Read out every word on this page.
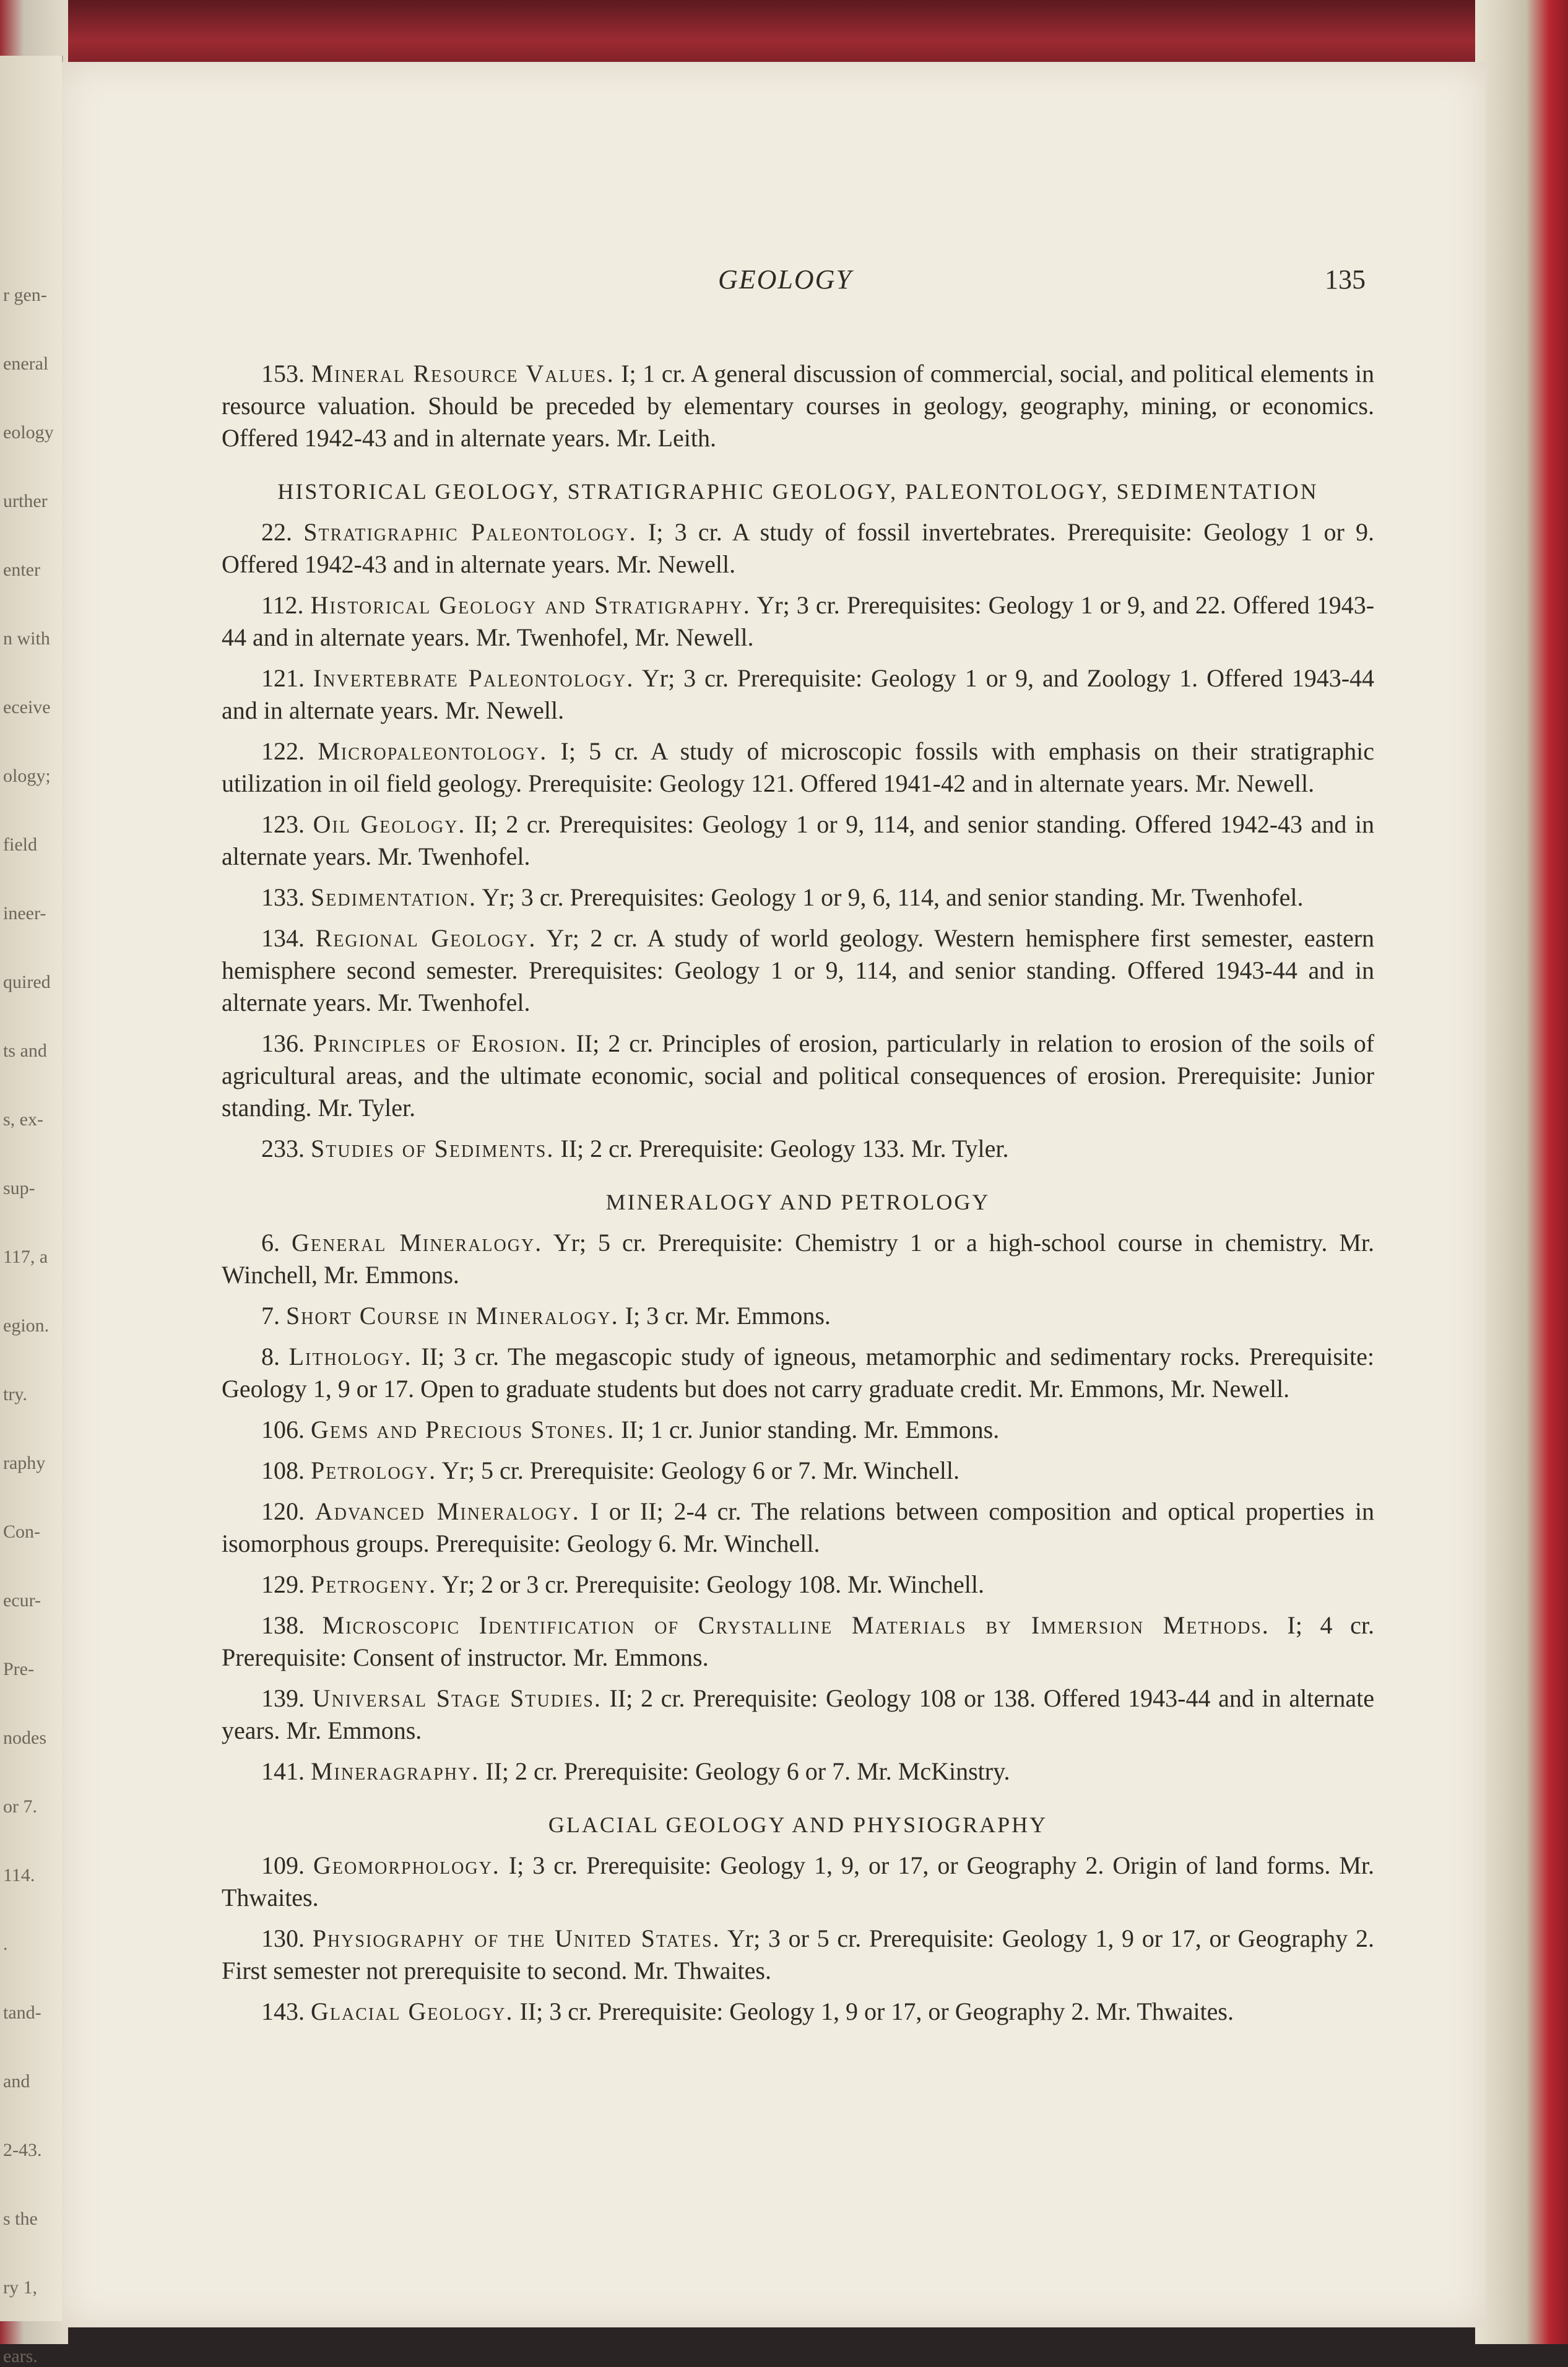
r gen-
eneral
eology
urther
enter
n with
eceive
ology;
field
ineer-
quired
ts and
s, ex-
sup-
117, a
egion.
try.
raphy
Con-
ecur-
Pre-
nodes
or 7.
114.
.
tand-
and
2-43.
s the
ry 1,
ears.
GEOLOGY	135

153. Mineral Resource Values. I; 1 cr. A general discussion of commercial, social, and political elements in resource valuation. Should be preceded by elementary courses in geology, geography, mining, or economics. Offered 1942-43 and in alternate years. Mr. Leith.

HISTORICAL GEOLOGY, STRATIGRAPHIC GEOLOGY, PALEONTOLOGY, SEDIMENTATION

22. Stratigraphic Paleontology. I; 3 cr. A study of fossil invertebrates. Prerequisite: Geology 1 or 9. Offered 1942-43 and in alternate years. Mr. Newell.

112. Historical Geology and Stratigraphy. Yr; 3 cr. Prerequisites: Geology 1 or 9, and 22. Offered 1943-44 and in alternate years. Mr. Twenhofel, Mr. Newell.

121. Invertebrate Paleontology. Yr; 3 cr. Prerequisite: Geology 1 or 9, and Zoology 1. Offered 1943-44 and in alternate years. Mr. Newell.

122. Micropaleontology. I; 5 cr. A study of microscopic fossils with emphasis on their stratigraphic utilization in oil field geology. Prerequisite: Geology 121. Offered 1941-42 and in alternate years. Mr. Newell.

123. Oil Geology. II; 2 cr. Prerequisites: Geology 1 or 9, 114, and senior standing. Offered 1942-43 and in alternate years. Mr. Twenhofel.

133. Sedimentation. Yr; 3 cr. Prerequisites: Geology 1 or 9, 6, 114, and senior standing. Mr. Twenhofel.

134. Regional Geology. Yr; 2 cr. A study of world geology. Western hemisphere first semester, eastern hemisphere second semester. Prerequisites: Geology 1 or 9, 114, and senior standing. Offered 1943-44 and in alternate years. Mr. Twenhofel.

136. Principles of Erosion. II; 2 cr. Principles of erosion, particularly in relation to erosion of the soils of agricultural areas, and the ultimate economic, social and political consequences of erosion. Prerequisite: Junior standing. Mr. Tyler.

233. Studies of Sediments. II; 2 cr. Prerequisite: Geology 133. Mr. Tyler.

MINERALOGY AND PETROLOGY

6. General Mineralogy. Yr; 5 cr. Prerequisite: Chemistry 1 or a high-school course in chemistry. Mr. Winchell, Mr. Emmons.

7. Short Course in Mineralogy. I; 3 cr. Mr. Emmons.

8. Lithology. II; 3 cr. The megascopic study of igneous, metamorphic and sedimentary rocks. Prerequisite: Geology 1, 9 or 17. Open to graduate students but does not carry graduate credit. Mr. Emmons, Mr. Newell.

106. Gems and Precious Stones. II; 1 cr. Junior standing. Mr. Emmons.

108. Petrology. Yr; 5 cr. Prerequisite: Geology 6 or 7. Mr. Winchell.

120. Advanced Mineralogy. I or II; 2-4 cr. The relations between composition and optical properties in isomorphous groups. Prerequisite: Geology 6. Mr. Winchell.

129. Petrogeny. Yr; 2 or 3 cr. Prerequisite: Geology 108. Mr. Winchell.

138. Microscopic Identification of Crystalline Materials by Immersion Methods. I; 4 cr. Prerequisite: Consent of instructor. Mr. Emmons.

139. Universal Stage Studies. II; 2 cr. Prerequisite: Geology 108 or 138. Offered 1943-44 and in alternate years. Mr. Emmons.

141. Mineragraphy. II; 2 cr. Prerequisite: Geology 6 or 7. Mr. McKinstry.

GLACIAL GEOLOGY AND PHYSIOGRAPHY

109. Geomorphology. I; 3 cr. Prerequisite: Geology 1, 9, or 17, or Geography 2. Origin of land forms. Mr. Thwaites.

130. Physiography of the United States. Yr; 3 or 5 cr. Prerequisite: Geology 1, 9 or 17, or Geography 2. First semester not prerequisite to second. Mr. Thwaites.

143. Glacial Geology. II; 3 cr. Prerequisite: Geology 1, 9 or 17, or Geography 2. Mr. Thwaites.
